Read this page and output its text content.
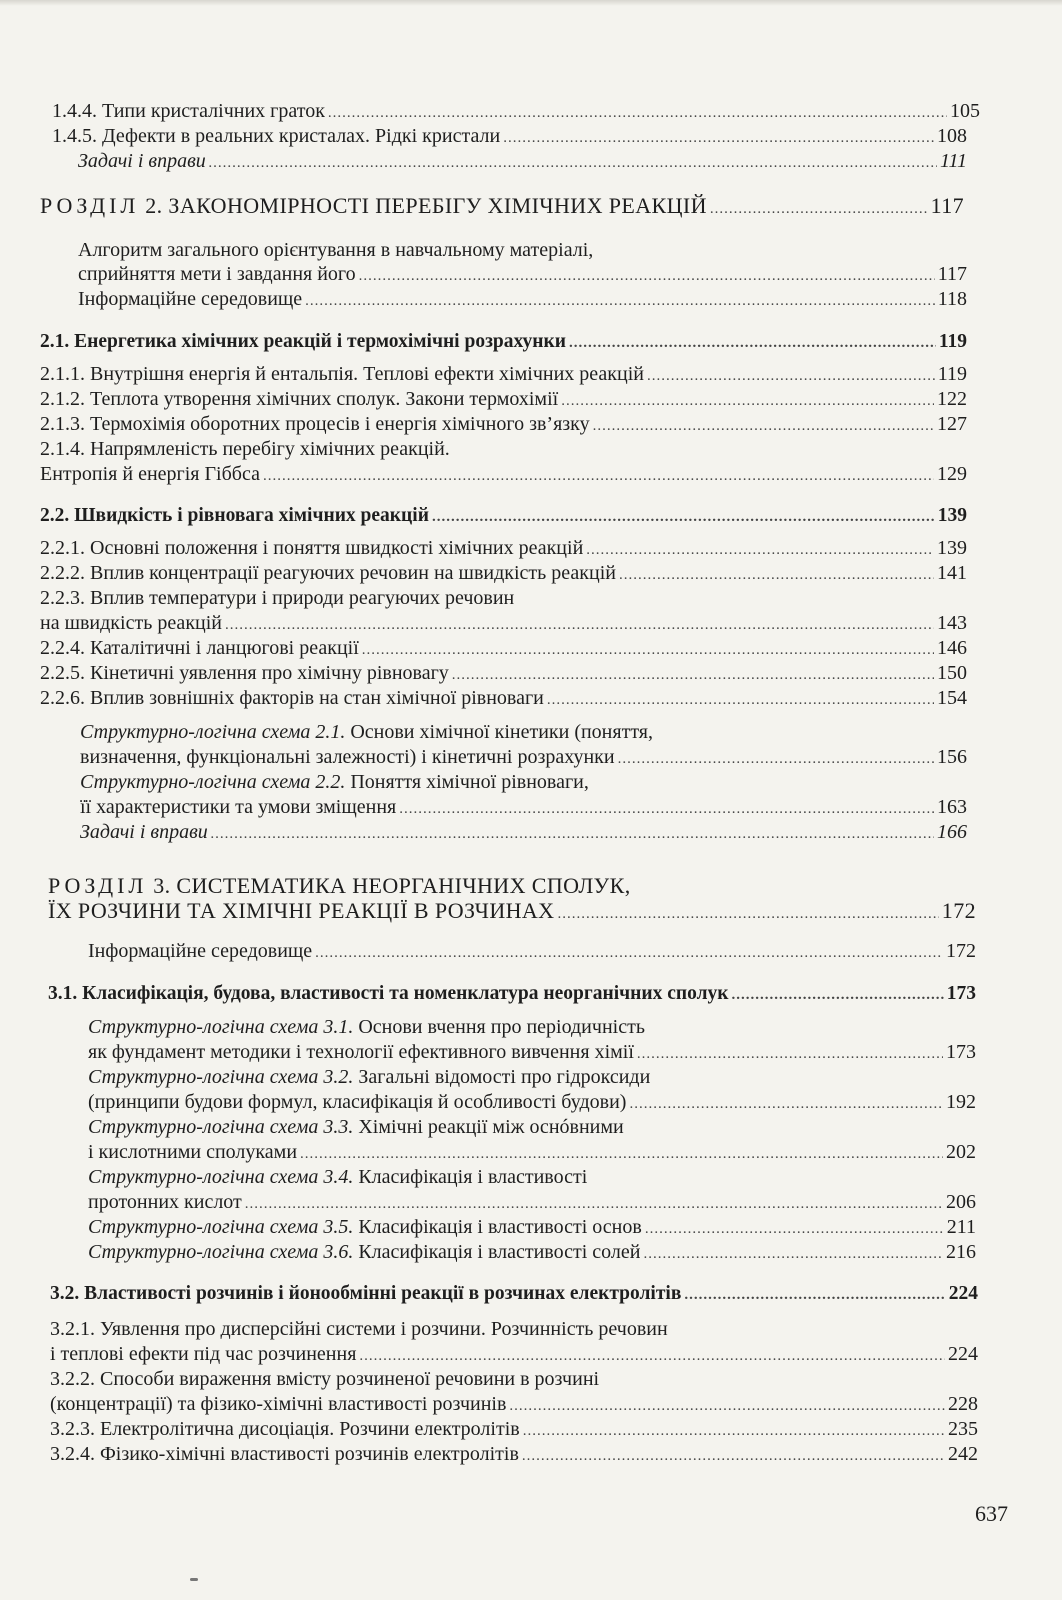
1.4.4. Типи кристалічних граток .....	105
1.4.5. Дефекти в реальних кристалах. Рідкі кристали .....	108
Задачі і вправи .....	111
РОЗДІЛ 2. ЗАКОНОМІРНОСТІ ПЕРЕБІГУ ХІМІЧНИХ РЕАКЦІЙ .....	117
Алгоритм загального орієнтування в навчальному матеріалі,
сприйняття мети і завдання його .....	117
Інформаційне середовище .....	118
2.1. Енергетика хімічних реакцій і термохімічні розрахунки .....	119
2.1.1. Внутрішня енергія й ентальпія. Теплові ефекти хімічних реакцій .....	119
2.1.2. Теплота утворення хімічних сполук. Закони термохімії .....	122
2.1.3. Термохімія оборотних процесів і енергія хімічного зв’язку .....	127
2.1.4. Напрямленість перебігу хімічних реакцій.
Ентропія й енергія Гіббса .....	129
2.2. Швидкість і рівновага хімічних реакцій .....	139
2.2.1. Основні положення і поняття швидкості хімічних реакцій .....	139
2.2.2. Вплив концентрації реагуючих речовин на швидкість реакцій .....	141
2.2.3. Вплив температури і природи реагуючих речовин
на швидкість реакцій .....	143
2.2.4. Каталітичні і ланцюгові реакції .....	146
2.2.5. Кінетичні уявлення про хімічну рівновагу .....	150
2.2.6. Вплив зовнішніх факторів на стан хімічної рівноваги .....	154
Структурно-логічна схема 2.1. Основи хімічної кінетики (поняття,
визначення, функціональні залежності) і кінетичні розрахунки .....	156
Структурно-логічна схема 2.2. Поняття хімічної рівноваги,
її характеристики та умови зміщення .....	163
Задачі і вправи .....	166
РОЗДІЛ 3. СИСТЕМАТИКА НЕОРГАНІЧНИХ СПОЛУК,
ЇХ РОЗЧИНИ ТА ХІМІЧНІ РЕАКЦІЇ В РОЗЧИНАХ .....	172
Інформаційне середовище .....	172
3.1. Класифікація, будова, властивості та номенклатура неорганічних сполук .....	173
Структурно-логічна схема 3.1. Основи вчення про періодичність
як фундамент методики і технології ефективного вивчення хімії .....	173
Структурно-логічна схема 3.2. Загальні відомості про гідроксиди
(принципи будови формул, класифікація й особливості будови) .....	192
Структурно-логічна схема 3.3. Хімічні реакції між оснóвними
і кислотними сполуками .....	202
Структурно-логічна схема 3.4. Класифікація і властивості
протонних кислот .....	206
Структурно-логічна схема 3.5. Класифікація і властивості основ .....	211
Структурно-логічна схема 3.6. Класифікація і властивості солей .....	216
3.2. Властивості розчинів і йонообмінні реакції в розчинах електролітів .....	224
3.2.1. Уявлення про дисперсійні системи і розчини. Розчинність речовин
і теплові ефекти під час розчинення .....	224
3.2.2. Способи вираження вмісту розчиненої речовини в розчині
(концентрації) та фізико-хімічні властивості розчинів .....	228
3.2.3. Електролітична дисоціація. Розчини електролітів .....	235
3.2.4. Фізико-хімічні властивості розчинів електролітів .....	242
637
